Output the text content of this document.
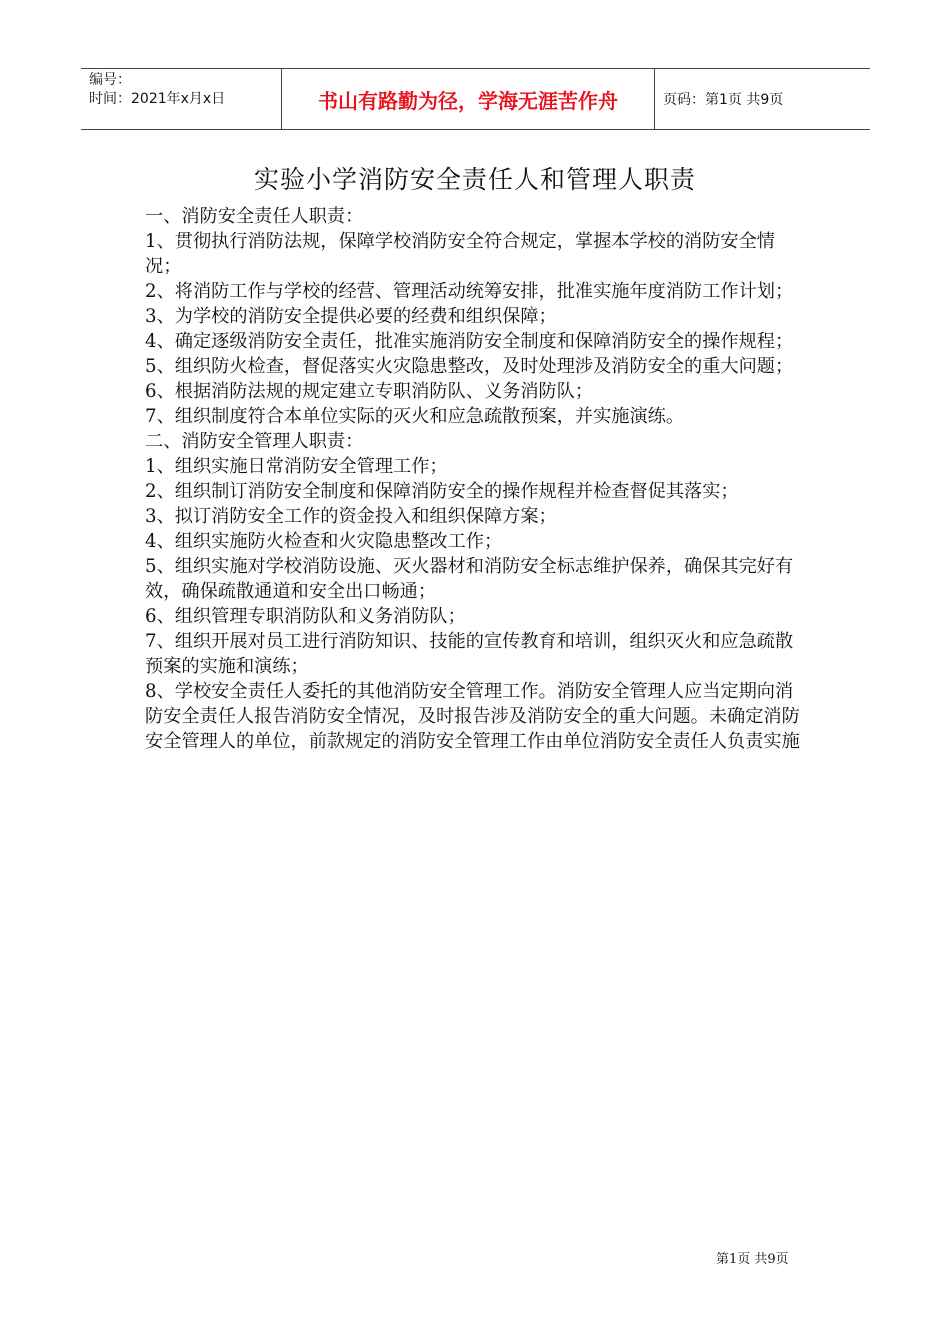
编号：
时间：2021年x月x日	书山有路勤为径，学海无涯苦作舟	页码：第1页 共9页
实验小学消防安全责任人和管理人职责

一、消防安全责任人职责：

1、贯彻执行消防法规，保障学校消防安全符合规定，掌握本学校的消防安全情况；

2、将消防工作与学校的经营、管理活动统筹安排，批准实施年度消防工作计划；

3、为学校的消防安全提供必要的经费和组织保障；

4、确定逐级消防安全责任，批准实施消防安全制度和保障消防安全的操作规程；

5、组织防火检查，督促落实火灾隐患整改，及时处理涉及消防安全的重大问题；

6、根据消防法规的规定建立专职消防队、义务消防队；

7、组织制度符合本单位实际的灭火和应急疏散预案，并实施演练。

二、消防安全管理人职责：

1、组织实施日常消防安全管理工作；

2、组织制订消防安全制度和保障消防安全的操作规程并检查督促其落实；

3、拟订消防安全工作的资金投入和组织保障方案；

4、组织实施防火检查和火灾隐患整改工作；

5、组织实施对学校消防设施、灭火器材和消防安全标志维护保养，确保其完好有效，确保疏散通道和安全出口畅通；

6、组织管理专职消防队和义务消防队；

7、组织开展对员工进行消防知识、技能的宣传教育和培训，组织灭火和应急疏散预案的实施和演练；

8、学校安全责任人委托的其他消防安全管理工作。消防安全管理人应当定期向消防安全责任人报告消防安全情况，及时报告涉及消防安全的重大问题。未确定消防安全管理人的单位，前款规定的消防安全管理工作由单位消防安全责任人负责实施

第1页 共9页
